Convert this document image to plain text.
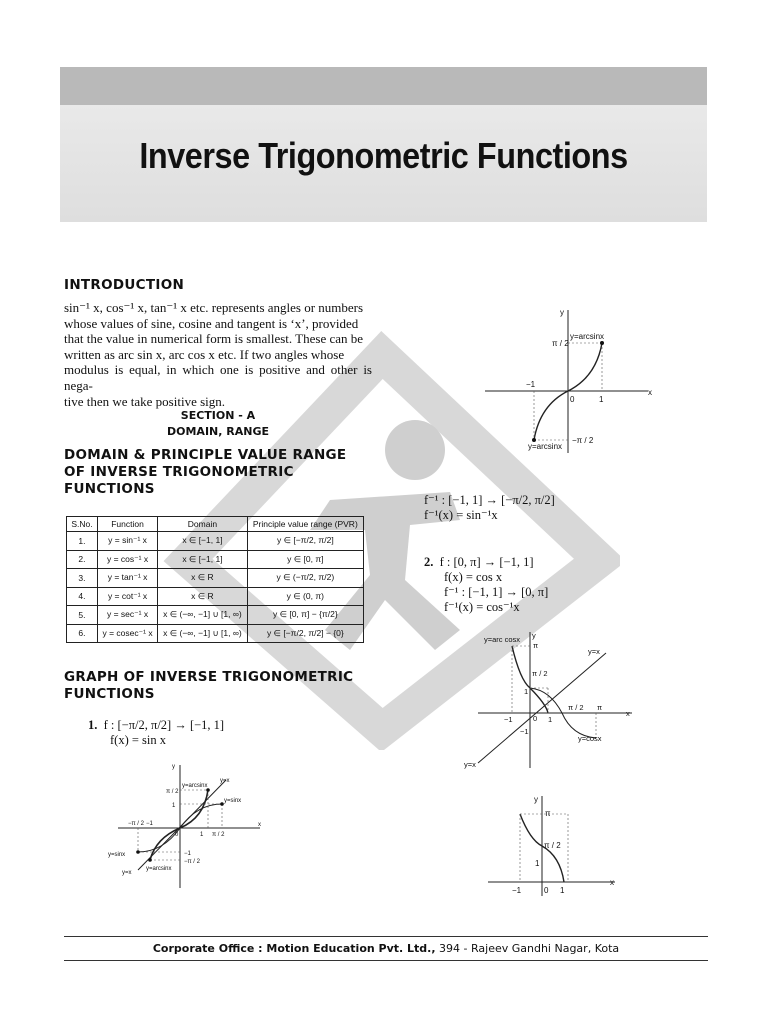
Inverse Trigonometric Functions
INTRODUCTION
sin⁻¹ x, cos⁻¹ x, tan⁻¹ x etc. represents angles or numbers
whose values of sine, cosine and tangent is ‘x’, provided
that the value in numerical form is smallest. These can be
written as arc sin x, arc cos x etc. If two angles whose
modulus is equal, in which one is positive and other is nega-
tive then we take positive sign.
SECTION - A
DOMAIN, RANGE
DOMAIN & PRINCIPLE VALUE RANGE
OF INVERSE TRIGONOMETRIC
FUNCTIONS
S.No.	Function	Domain	Principle value range (PVR)
1.	y = sin⁻¹ x	x ∈ [−1, 1]	y ∈ [−π/2, π/2]
2.	y = cos⁻¹ x	x ∈ [−1, 1]	y ∈ [0, π]
3.	y = tan⁻¹ x	x ∈ R	y ∈ (−π/2, π/2)
4.	y = cot⁻¹ x	x ∈ R	y ∈ (0, π)
5.	y = sec⁻¹ x	x ∈ (−∞, −1] ∪ [1, ∞)	y ∈ [0, π] − {π/2}
6.	y = cosec⁻¹ x	x ∈ (−∞, −1] ∪ [1, ∞)	y ∈ [−π/2, π/2] − {0}
GRAPH OF INVERSE TRIGONOMETRIC
FUNCTIONS
1. f : [−π/2, π/2] → [−1, 1]
f(x) = sin x
x
y
y=arcsinx
y=sinx
y=x
y=sinx
y=x
y=arcsinx
π / 2
1
−1
−π / 2
−π / 2 −1
0	1 π / 2
y
x
y=arcsinx
y=arcsinx
π / 2
−π / 2
−1
0	1
f⁻¹ : [−1, 1] → [−π/2, π/2]
f⁻¹(x) = sin⁻¹x
2. f : [0, π] → [−1, 1]
f(x) = cos x
f⁻¹ : [−1, 1] → [0, π]
f⁻¹(x) = cos⁻¹x
y
x
y=arc cosx
y=x
y=cosx
y=x
π
π / 2
1
−1
−1	0 1
π / 2 π
y
x
π
π / 2
1
−1	0 1
Corporate Office : Motion Education Pvt. Ltd., 394 - Rajeev Gandhi Nagar, Kota
